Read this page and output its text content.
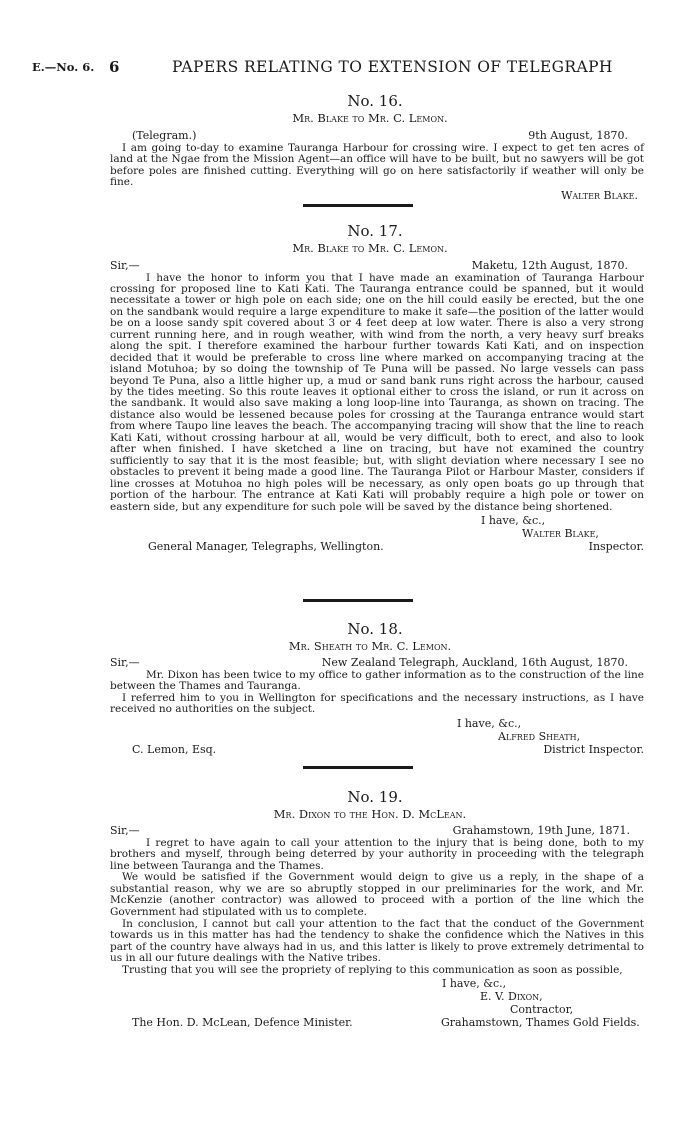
E.—No. 6. 6	PAPERS RELATING TO EXTENSION OF TELEGRAPH
No. 16.
Mr. Blake to Mr. C. Lemon.
(Telegram.)	9th August, 1870.

I am going to-day to examine Tauranga Harbour for crossing wire. I expect to get ten acres of land at the Ngae from the Mission Agent—an office will have to be built, but no sawyers will be got before poles are finished cutting. Everything will go on here satisfactorily if weather will only be fine.

Walter Blake.
No. 17.
Mr. Blake to Mr. C. Lemon.
Sir,—	Maketu, 12th August, 1870.

I have the honor to inform you that I have made an examination of Tauranga Harbour crossing for proposed line to Kati Kati. The Tauranga entrance could be spanned, but it would necessitate a tower or high pole on each side; one on the hill could easily be erected, but the one on the sandbank would require a large expenditure to make it safe—the position of the latter would be on a loose sandy spit covered about 3 or 4 feet deep at low water. There is also a very strong current running here, and in rough weather, with wind from the north, a very heavy surf breaks along the spit. I therefore examined the harbour further towards Kati Kati, and on inspection decided that it would be preferable to cross line where marked on accompanying tracing at the island Motuhoa; by so doing the township of Te Puna will be passed. No large vessels can pass beyond Te Puna, also a little higher up, a mud or sand bank runs right across the harbour, caused by the tides meeting. So this route leaves it optional either to cross the island, or run it across on the sandbank. It would also save making a long loop-line into Tauranga, as shown on tracing. The distance also would be lessened because poles for crossing at the Tauranga entrance would start from where Taupo line leaves the beach. The accompanying tracing will show that the line to reach Kati Kati, without crossing harbour at all, would be very difficult, both to erect, and also to look after when finished. I have sketched a line on tracing, but have not examined the country sufficiently to say that it is the most feasible; but, with slight deviation where necessary I see no obstacles to prevent it being made a good line. The Tauranga Pilot or Harbour Master, considers if line crosses at Motuhoa no high poles will be necessary, as only open boats go up through that portion of the harbour. The entrance at Kati Kati will probably require a high pole or tower on eastern side, but any expenditure for such pole will be saved by the distance being shortened.

I have, &c.,
Walter Blake,
General Manager, Telegraphs, Wellington.	Inspector.
No. 18.
Mr. Sheath to Mr. C. Lemon.
Sir,—	New Zealand Telegraph, Auckland, 16th August, 1870.

Mr. Dixon has been twice to my office to gather information as to the construction of the line between the Thames and Tauranga.

I referred him to you in Wellington for specifications and the necessary instructions, as I have received no authorities on the subject.

I have, &c.,
Alfred Sheath,
C. Lemon, Esq.	District Inspector.
No. 19.
Mr. Dixon to the Hon. D. McLean.
Sir,—	Grahamstown, 19th June, 1871.

I regret to have again to call your attention to the injury that is being done, both to my brothers and myself, through being deterred by your authority in proceeding with the telegraph line between Tauranga and the Thames.

We would be satisfied if the Government would deign to give us a reply, in the shape of a substantial reason, why we are so abruptly stopped in our preliminaries for the work, and Mr. McKenzie (another contractor) was allowed to proceed with a portion of the line which the Government had stipulated with us to complete.

In conclusion, I cannot but call your attention to the fact that the conduct of the Government towards us in this matter has had the tendency to shake the confidence which the Natives in this part of the country have always had in us, and this latter is likely to prove extremely detrimental to us in all our future dealings with the Native tribes.

Trusting that you will see the propriety of replying to this communication as soon as possible,

I have, &c.,
E. V. Dixon,
Contractor,
The Hon. D. McLean, Defence Minister.	Grahamstown, Thames Gold Fields.
